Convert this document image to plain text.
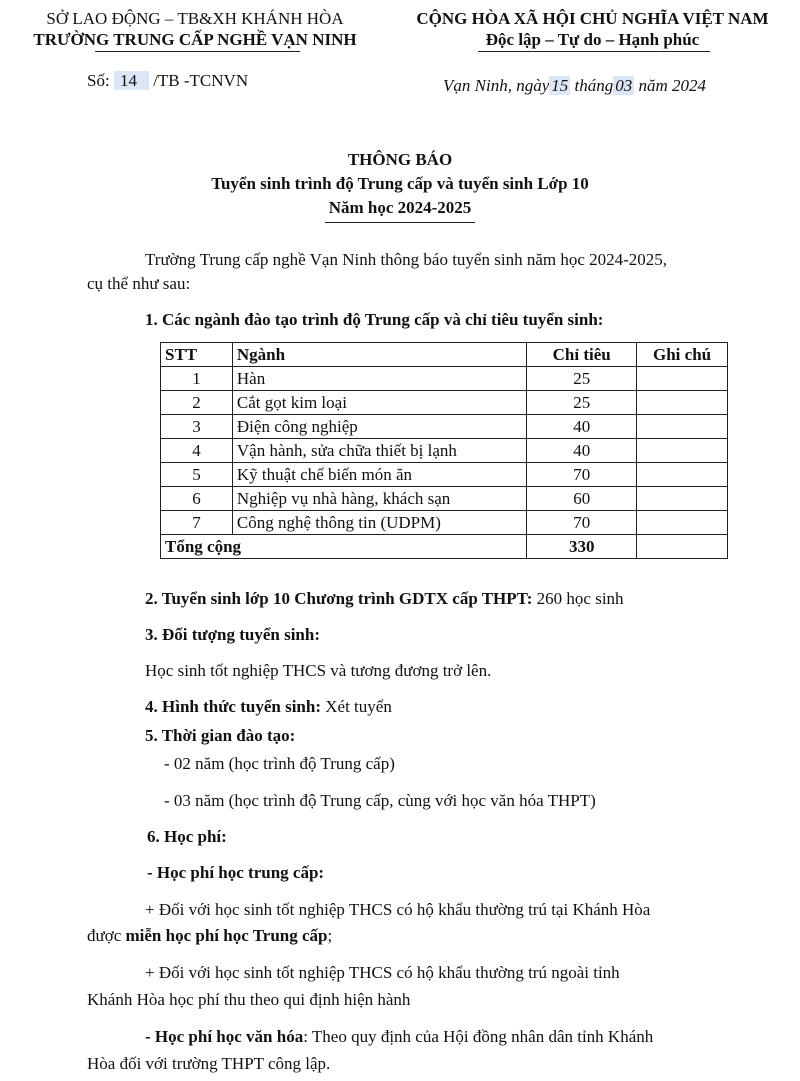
SỞ LAO ĐỘNG – TB&XH KHÁNH HÒA
TRƯỜNG TRUNG CẤP NGHỀ VẠN NINH
CỘNG HÒA XÃ HỘI CHỦ NGHĨA VIỆT NAM
Độc lập – Tự do – Hạnh phúc
Số: 14 /TB -TCNVN	Vạn Ninh, ngày 15 tháng 03 năm 2024
THÔNG BÁO
Tuyển sinh trình độ Trung cấp và tuyển sinh Lớp 10
Năm học 2024-2025
Trường Trung cấp nghề Vạn Ninh thông báo tuyển sinh năm học 2024-2025,
cụ thể như sau:
1. Các ngành đào tạo trình độ Trung cấp và chỉ tiêu tuyển sinh:
STT	Ngành	Chỉ tiêu	Ghi chú
1	Hàn	25	
2	Cắt gọt kim loại	25	
3	Điện công nghiệp	40	
4	Vận hành, sửa chữa thiết bị lạnh	40	
5	Kỹ thuật chế biến món ăn	70	
6	Nghiệp vụ nhà hàng, khách sạn	60	
7	Công nghệ thông tin (UDPM)	70	
Tổng cộng		330	
2. Tuyển sinh lớp 10 Chương trình GDTX cấp THPT: 260 học sinh
3. Đối tượng tuyển sinh:
Học sinh tốt nghiệp THCS và tương đương trở lên.
4. Hình thức tuyển sinh: Xét tuyển
5. Thời gian đào tạo:
- 02 năm (học trình độ Trung cấp)
- 03 năm (học trình độ Trung cấp, cùng với học văn hóa THPT)
6. Học phí:
- Học phí học trung cấp:
+ Đối với học sinh tốt nghiệp THCS có hộ khẩu thường trú tại Khánh Hòa
được miễn học phí học Trung cấp;
+ Đối với học sinh tốt nghiệp THCS có hộ khẩu thường trú ngoài tỉnh
Khánh Hòa học phí thu theo qui định hiện hành
- Học phí học văn hóa: Theo quy định của Hội đồng nhân dân tỉnh Khánh
Hòa đối với trường THPT công lập.
